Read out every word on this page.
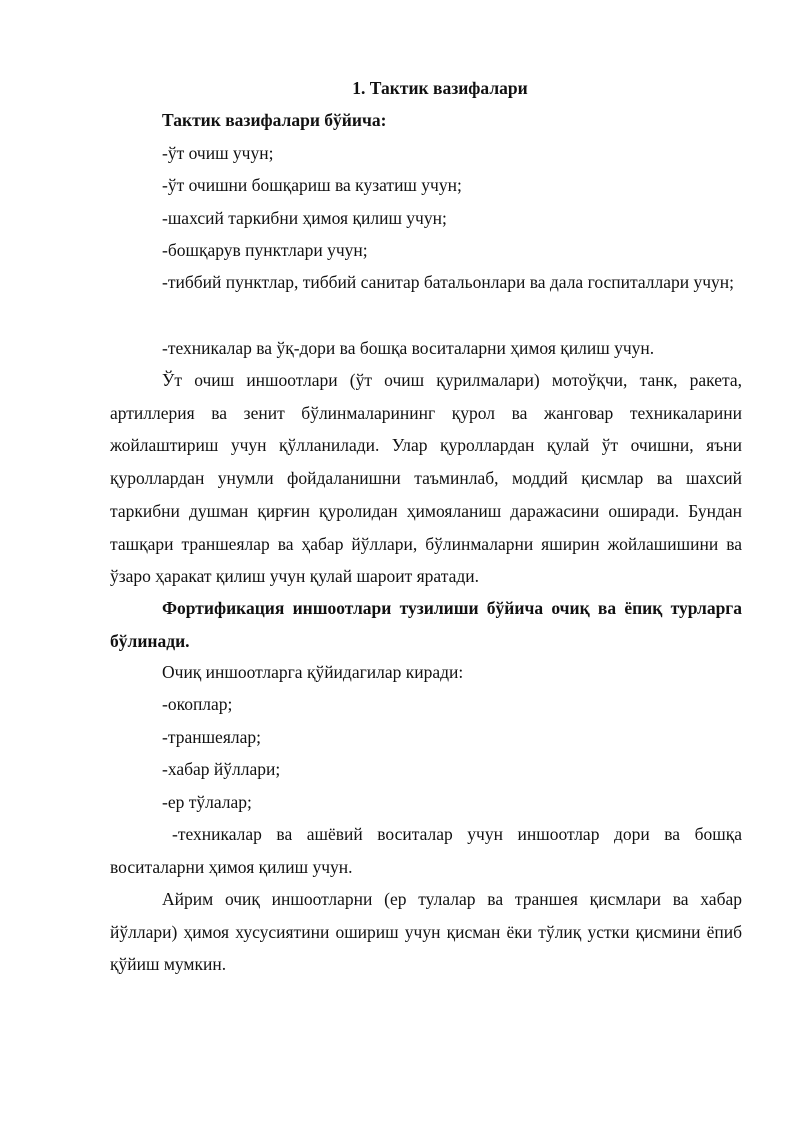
1. Тактик вазифалари
Тактик вазифалари бўйича:
-ўт очиш учун;
-ўт очишни бошқариш ва кузатиш учун;
-шахсий таркибни ҳимоя қилиш учун;
-бошқарув пунктлари учун;

-тиббий пунктлар, тиббий санитар батальонлари ва дала госпиталлари учун;

-техникалар ва ўқ-дори ва бошқа воситаларни ҳимоя қилиш учун.

Ўт очиш иншоотлари (ўт очиш қурилмалари) мотоўқчи, танк, ракета, артиллерия ва зенит бўлинмаларининг қурол ва жанговар техникаларини жойлаштириш учун қўлланилади. Улар қуроллардан қулай ўт очишни, яъни қуроллардан унумли фойдаланишни таъминлаб, моддий қисмлар ва шахсий таркибни душман қирғин қуролидан ҳимояланиш даражасини оширади. Бундан ташқари траншеялар ва ҳабар йўллари, бўлинмаларни яширин жойлашишини ва ўзаро ҳаракат қилиш учун қулай шароит яратади.

Фортификация иншоотлари тузилиши бўйича очиқ ва ёпиқ турларга бўлинади.

Очиқ иншоотларга қўйидагилар киради:
-окоплар;
-траншеялар;
-хабар йўллари;
-ер тўлалар;

-техникалар ва ашёвий воситалар учун иншоотлар дори ва бошқа воситаларни ҳимоя қилиш учун.

Айрим очиқ иншоотларни (ер тулалар ва траншея қисмлари ва хабар йўллари) ҳимоя хусусиятини ошириш учун қисман ёки тўлиқ устки қисмини ёпиб қўйиш мумкин.
